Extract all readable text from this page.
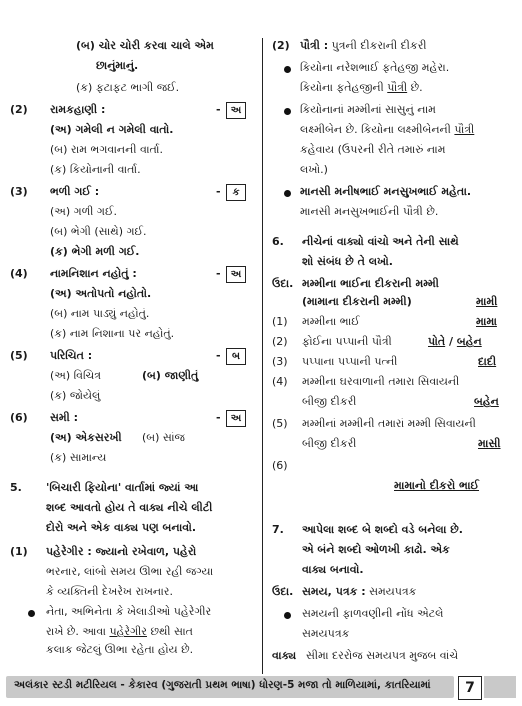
(બ) ચોર ચોરી કરવા ચાલે એમ
છાનુંમાનું.
(ક) ફટાફટ ભાગી જઈ.
(2) રામકહાણી :	-	અ
(અ) ગમેલી ન ગમેલી વાતો.
(બ) રામ ભગવાનની વાર્તા.
(ક) કિયોનાની વાર્તા.
(3) ભળી ગઈ :	-	ક
(અ) ગળી ગઈ.
(બ) ભેગી (સાથે) ગઈ.
(ક) ભેગી મળી ગઈ.
(4) નામનિશાન નહોતું :	-	અ
(અ) અતોપતો નહોતો.
(બ) નામ પાડ્યું નહોતું.
(ક) નામ નિશાના પર નહોતું.
(5) પરિચિત :	-	બ
(અ) વિચિત્ર	(બ) જાણીતું
(ક) જોયેલું
(6) સમી :	-	અ
(અ) એકસરખી (બ) સાંજ
(ક) સામાન્ય
5. 'બિચારી ફિયોના' વાર્તામાં જ્યાં આ
શબ્દ આવતો હોય તે વાક્ય નીચે લીટી
દોરો અને એક વાક્ય પણ બનાવો.
(1) પહેરેગીર : જ્યાનો રખેવાળ, પહેરો
ભરનાર, લાંબો સમય ઊભા રહી જગ્યા
કે વ્યક્તિની દેખરેખ રાખનાર.
નેતા, અભિનેતા કે ખેલાડીઓ પહેરેગીર
રાખે છે. આવા પહેરેગીર છથી સાત
કલાક જેટલું ઊભા રહેતા હોય છે.
(2) પૌત્રી : પુત્રની દીકરાની દીકરી
કિયોના નરેશભાઈ ફતેહજી મહેરા.
કિયોના ફતેહજીની પૌત્રી છે.
કિયોનાનાં મમ્મીનાં સાસુનું નામ
લક્ષ્મીબેન છે. કિયોના લક્ષ્મીબેનની પૌત્રી
કહેવાય (ઉપરની રીતે તમારું નામ
લખો.)
માનસી મનીષભાઈ મનસુખભાઈ મહેતા.
માનસી મનસુખભાઈની પૌત્રી છે.
6. નીચેનાં વાક્યો વાંચો અને તેની સાથે
શો સંબંધ છે તે લખો.
ઉદા. મમ્મીના ભાઈના દીકરાની મમ્મી
(મામાના દીકરાની મમ્મી)	મામી
(1) મમ્મીના ભાઈ	મામા
(2) ફોઈના પપ્પાની પૌત્રી	પોતે / બહેન
(3) પપ્પાના પપ્પાની પત્ની	દાદી
(4) મમ્મીના ઘરવાળાની તમારા સિવાયની
બીજી દીકરી	બહેન
(5) મમ્મીનાં મમ્મીની તમારાં મમ્મી સિવાયની
બીજી દીકરી	માસી
(6)
મામાનો દીકરો ભાઈ
7. આપેલા શબ્દ બે શબ્દો વડે બનેલા છે.
એ બંને શબ્દો ઓળખી કાઢો. એક
વાક્ય બનાવો.
ઉદા. સમય, પત્રક : સમયપત્રક
સમયની ફાળવણીની નોંધ એટલે
સમયપત્રક
વાક્ય સીમા દરરોજ સમયપત્ર મુજબ વાંચે
અલંકાર સ્ટડી મટીરિયલ - કેકારવ (ગુજરાતી પ્રથમ ભાષા) ધોરણ-5 મજા તો માળિયામાં, કાતરિયામાં	7
